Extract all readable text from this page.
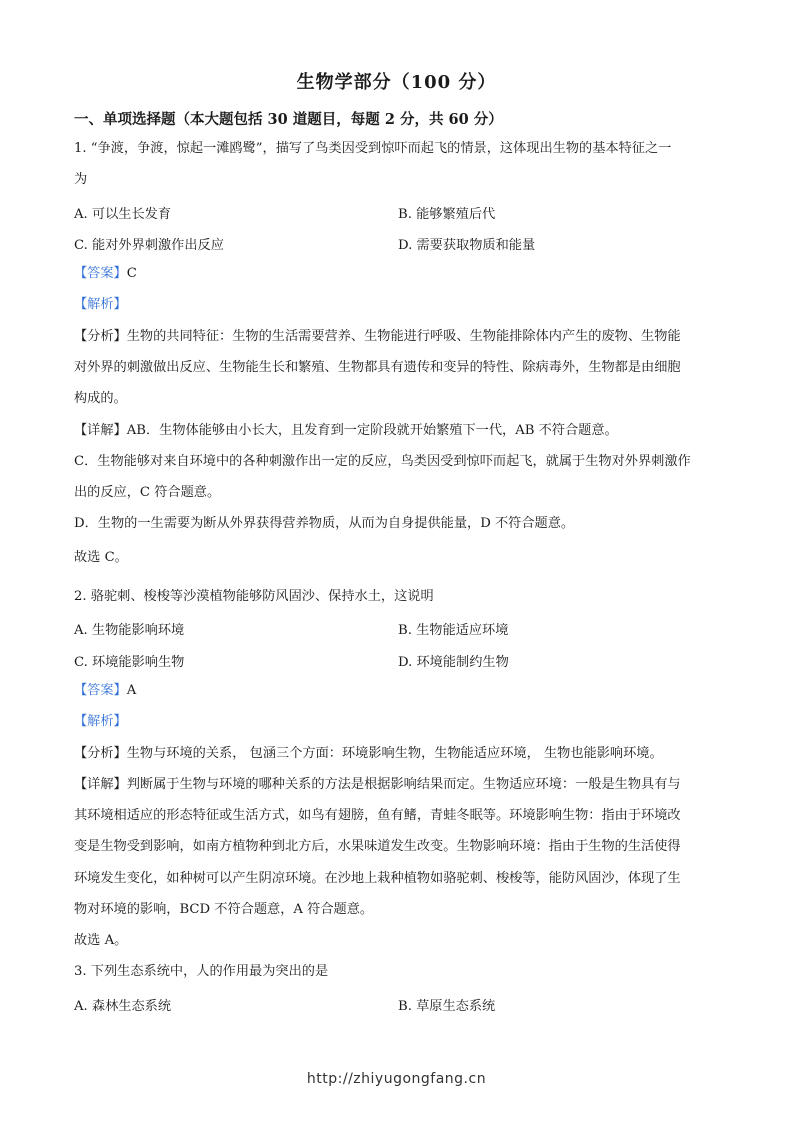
生物学部分（100 分）
一、单项选择题（本大题包括 30 道题目，每题 2 分，共 60 分）
1. “争渡，争渡，惊起一滩鸥鹭”，描写了鸟类因受到惊吓而起飞的情景，这体现出生物的基本特征之一
为
A. 可以生长发育	B. 能够繁殖后代
C. 能对外界刺激作出反应	D. 需要获取物质和能量
【答案】C
【解析】
【分析】生物的共同特征：生物的生活需要营养、生物能进行呼吸、生物能排除体内产生的废物、生物能
对外界的刺激做出反应、生物能生长和繁殖、生物都具有遗传和变异的特性、除病毒外，生物都是由细胞
构成的。
【详解】AB．生物体能够由小长大，且发育到一定阶段就开始繁殖下一代，AB 不符合题意。
C．生物能够对来自环境中的各种刺激作出一定的反应，鸟类因受到惊吓而起飞，就属于生物对外界刺激作
出的反应，C 符合题意。
D．生物的一生需要为断从外界获得营养物质，从而为自身提供能量，D 不符合题意。
故选 C。
2. 骆驼刺、梭梭等沙漠植物能够防风固沙、保持水土，这说明
A. 生物能影响环境	B. 生物能适应环境
C. 环境能影响生物	D. 环境能制约生物
【答案】A
【解析】
【分析】生物与环境的关系， 包涵三个方面：环境影响生物，生物能适应环境， 生物也能影响环境。
【详解】判断属于生物与环境的哪种关系的方法是根据影响结果而定。生物适应环境：一般是生物具有与
其环境相适应的形态特征或生活方式，如鸟有翅膀，鱼有鳍，青蛙冬眠等。环境影响生物：指由于环境改
变是生物受到影响，如南方植物种到北方后，水果味道发生改变。生物影响环境：指由于生物的生活使得
环境发生变化，如种树可以产生阴凉环境。在沙地上栽种植物如骆驼刺、梭梭等，能防风固沙，体现了生
物对环境的影响，BCD 不符合题意，A 符合题意。
故选 A。
3. 下列生态系统中，人的作用最为突出的是
A. 森林生态系统	B. 草原生态系统
http://zhiyugongfang.cn
